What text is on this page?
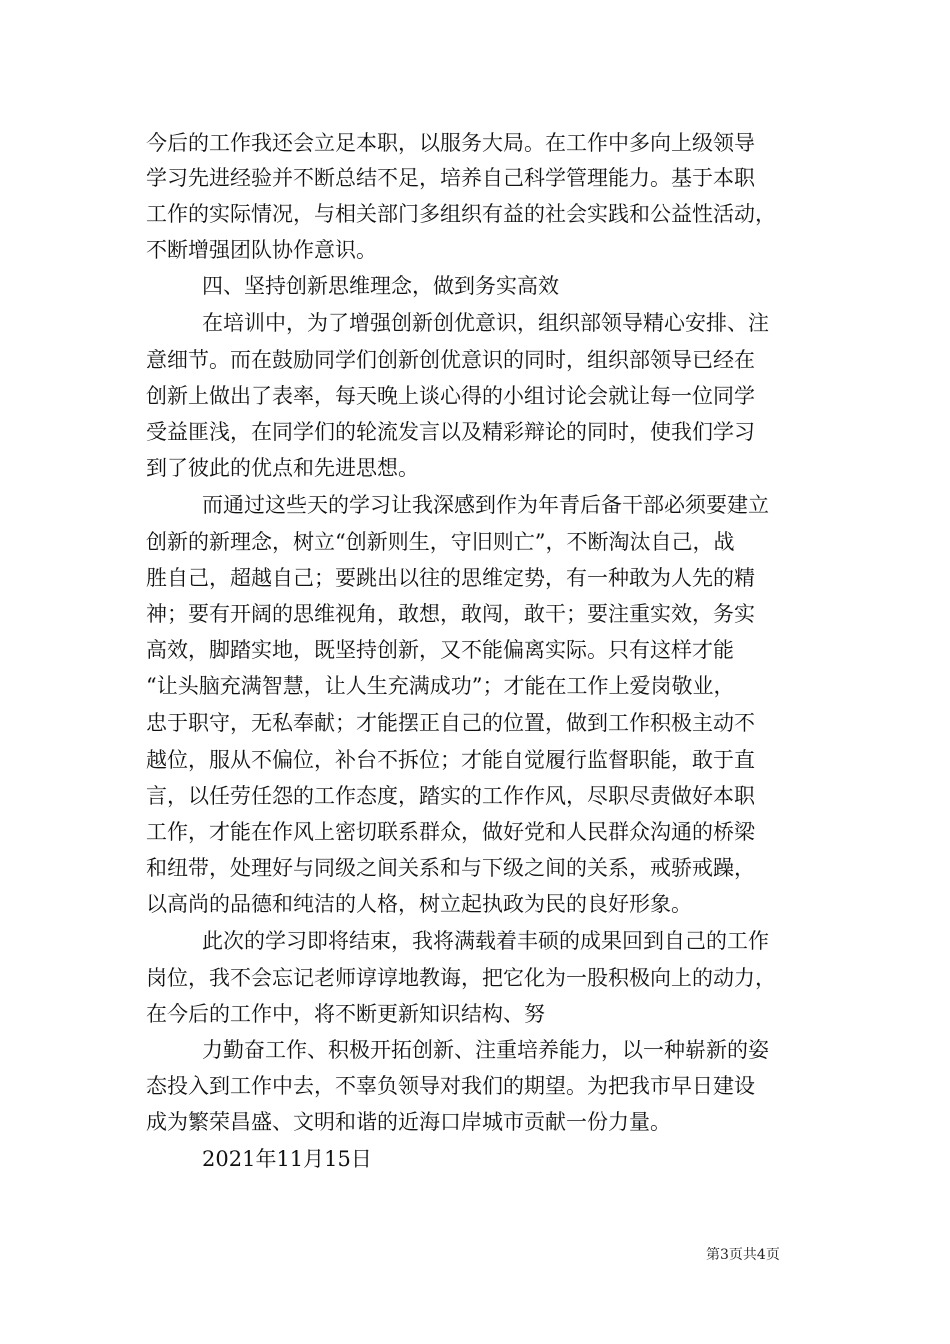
今后的工作我还会立足本职，以服务大局。在工作中多向上级领导
学习先进经验并不断总结不足，培养自己科学管理能力。基于本职
工作的实际情况，与相关部门多组织有益的社会实践和公益性活动，
不断增强团队协作意识。
四、坚持创新思维理念，做到务实高效
在培训中，为了增强创新创优意识，组织部领导精心安排、注
意细节。而在鼓励同学们创新创优意识的同时，组织部领导已经在
创新上做出了表率，每天晚上谈心得的小组讨论会就让每一位同学
受益匪浅，在同学们的轮流发言以及精彩辩论的同时，使我们学习
到了彼此的优点和先进思想。
而通过这些天的学习让我深感到作为年青后备干部必须要建立
创新的新理念，树立“创新则生，守旧则亡”，不断淘汰自己，战
胜自己，超越自己；要跳出以往的思维定势，有一种敢为人先的精
神；要有开阔的思维视角，敢想，敢闯，敢干；要注重实效，务实
高效，脚踏实地，既坚持创新，又不能偏离实际。只有这样才能
“让头脑充满智慧，让人生充满成功”；才能在工作上爱岗敬业，
忠于职守，无私奉献；才能摆正自己的位置，做到工作积极主动不
越位，服从不偏位，补台不拆位；才能自觉履行监督职能，敢于直
言，以任劳任怨的工作态度，踏实的工作作风，尽职尽责做好本职
工作，才能在作风上密切联系群众，做好党和人民群众沟通的桥梁
和纽带，处理好与同级之间关系和与下级之间的关系，戒骄戒躁，
以高尚的品德和纯洁的人格，树立起执政为民的良好形象。
此次的学习即将结束，我将满载着丰硕的成果回到自己的工作
岗位，我不会忘记老师谆谆地教诲，把它化为一股积极向上的动力，
在今后的工作中，将不断更新知识结构、努
力勤奋工作、积极开拓创新、注重培养能力，以一种崭新的姿
态投入到工作中去，不辜负领导对我们的期望。为把我市早日建设
成为繁荣昌盛、文明和谐的近海口岸城市贡献一份力量。
2021年11月15日
第3页共4页
